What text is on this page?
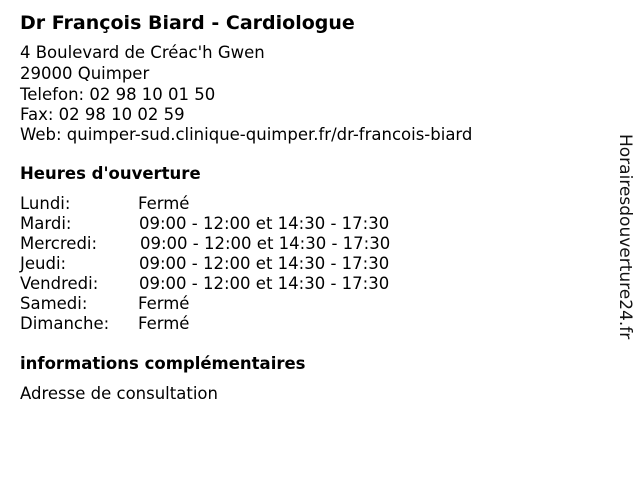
Dr François Biard - Cardiologue
4 Boulevard de Créac'h Gwen
29000 Quimper
Telefon: 02 98 10 01 50
Fax: 02 98 10 02 59
Web: quimper-sud.clinique-quimper.fr/dr-francois-biard
Heures d'ouverture
Lundi:	Fermé
Mardi:	09:00 - 12:00 et 14:30 - 17:30
Mercredi:	09:00 - 12:00 et 14:30 - 17:30
Jeudi:	09:00 - 12:00 et 14:30 - 17:30
Vendredi: 09:00 - 12:00 et 14:30 - 17:30
Samedi:	Fermé
Dimanche: Fermé
informations complémentaires
Adresse de consultation
Horairesdouverture24.fr
